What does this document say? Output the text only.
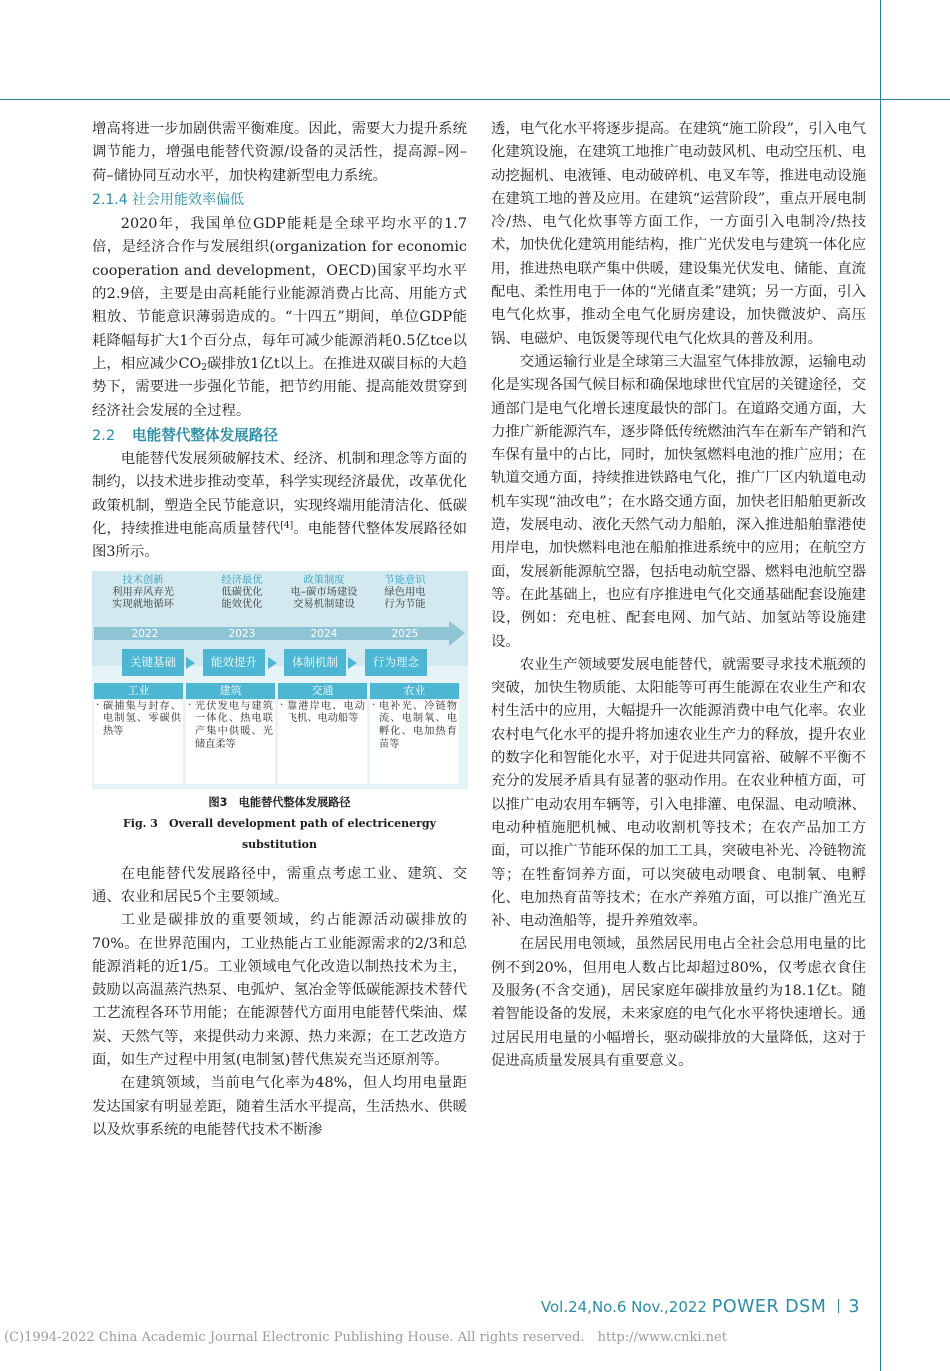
增高将进一步加剧供需平衡难度。因此，需要大力提升系统调节能力，增强电能替代资源/设备的灵活性，提高源–网–荷–储协同互动水平，加快构建新型电力系统。

2.1.4 社会用能效率偏低

2020年，我国单位GDP能耗是全球平均水平的1.7倍，是经济合作与发展组织(organization for economic cooperation and development，OECD)国家平均水平的2.9倍，主要是由高耗能行业能源消费占比高、用能方式粗放、节能意识薄弱造成的。“十四五”期间，单位GDP能耗降幅每扩大1个百分点，每年可减少能源消耗0.5亿tce以上，相应减少$CO_2$碳排放1亿t以上。在推进双碳目标的大趋势下，需要进一步强化节能，把节约用能、提高能效贯穿到经济社会发展的全过程。

2.2 电能替代整体发展路径

电能替代发展须破解技术、经济、机制和理念等方面的制约，以技术进步推动变革，科学实现经济最优，改革优化政策机制，塑造全民节能意识，实现终端用能清洁化、低碳化，持续推进电能高质量替代[4]。电能替代整体发展路径如图3所示。

技术创新
利用弃风弃光
实现就地循环
经济最优
低碳优化
能效优化
政策制度
电–碳市场建设
交易机制建设
节能意识
绿色用电
行为节能
2022	2023	2024	2025
关键基础	能效提升	体制机制	行为理念
工业	建筑	交通	农业
· 碳捕集与封存、电制氢、零碳供热等
· 光伏发电与建筑一体化、热电联产集中供暖、光储直柔等
· 靠港岸电、电动飞机、电动船等
· 电补光、冷链物流、电制氧、电孵化、电加热育苗等
图3　电能替代整体发展路径
Fig. 3　Overall development path of electricenergy
substitution

在电能替代发展路径中，需重点考虑工业、建筑、交通、农业和居民5个主要领域。

工业是碳排放的重要领域，约占能源活动碳排放的70%。在世界范围内，工业热能占工业能源需求的2/3和总能源消耗的近1/5。工业领域电气化改造以制热技术为主，鼓励以高温蒸汽热泵、电弧炉、氢冶金等低碳能源技术替代工艺流程各环节用能；在能源替代方面用电能替代柴油、煤炭、天然气等，来提供动力来源、热力来源；在工艺改造方面，如生产过程中用氢(电制氢)替代焦炭充当还原剂等。

在建筑领域，当前电气化率为48%，但人均用电量距发达国家有明显差距，随着生活水平提高，生活热水、供暖以及炊事系统的电能替代技术不断渗

透，电气化水平将逐步提高。在建筑“施工阶段”，引入电气化建筑设施，在建筑工地推广电动鼓风机、电动空压机、电动挖掘机、电液锤、电动破碎机、电叉车等，推进电动设施在建筑工地的普及应用。在建筑“运营阶段”，重点开展电制冷/热、电气化炊事等方面工作，一方面引入电制冷/热技术，加快优化建筑用能结构，推广光伏发电与建筑一体化应用，推进热电联产集中供暖，建设集光伏发电、储能、直流配电、柔性用电于一体的“光储直柔”建筑；另一方面，引入电气化炊事，推动全电气化厨房建设，加快微波炉、高压锅、电磁炉、电饭煲等现代电气化炊具的普及利用。

交通运输行业是全球第三大温室气体排放源，运输电动化是实现各国气候目标和确保地球世代宜居的关键途径，交通部门是电气化增长速度最快的部门。在道路交通方面，大力推广新能源汽车，逐步降低传统燃油汽车在新车产销和汽车保有量中的占比，同时，加快氢燃料电池的推广应用；在轨道交通方面，持续推进铁路电气化，推广厂区内轨道电动机车实现“油改电”；在水路交通方面，加快老旧船舶更新改造，发展电动、液化天然气动力船舶，深入推进船舶靠港使用岸电，加快燃料电池在船舶推进系统中的应用；在航空方面，发展新能源航空器，包括电动航空器、燃料电池航空器等。在此基础上，也应有序推进电气化交通基础配套设施建设，例如：充电桩、配套电网、加气站、加氢站等设施建设。

农业生产领域要发展电能替代，就需要寻求技术瓶颈的突破，加快生物质能、太阳能等可再生能源在农业生产和农村生活中的应用，大幅提升一次能源消费中电气化率。农业农村电气化水平的提升将加速农业生产力的释放，提升农业的数字化和智能化水平，对于促进共同富裕、破解不平衡不充分的发展矛盾具有显著的驱动作用。在农业种植方面，可以推广电动农用车辆等，引入电排灌、电保温、电动喷淋、电动种植施肥机械、电动收割机等技术；在农产品加工方面，可以推广节能环保的加工工具，突破电补光、冷链物流等；在牲畜饲养方面，可以突破电动喂食、电制氧、电孵化、电加热育苗等技术；在水产养殖方面，可以推广渔光互补、电动渔船等，提升养殖效率。

在居民用电领域，虽然居民用电占全社会总用电量的比例不到20%，但用电人数占比却超过80%，仅考虑衣食住及服务(不含交通)，居民家庭年碳排放量约为18.1亿t。随着智能设备的发展，未来家庭的电气化水平将快速增长。通过居民用电量的小幅增长，驱动碳排放的大量降低，这对于促进高质量发展具有重要意义。

Vol.24,No.6 Nov.,2022 POWER DSM 3
(C)1994-2022 China Academic Journal Electronic Publishing House. All rights reserved.　http://www.cnki.net
